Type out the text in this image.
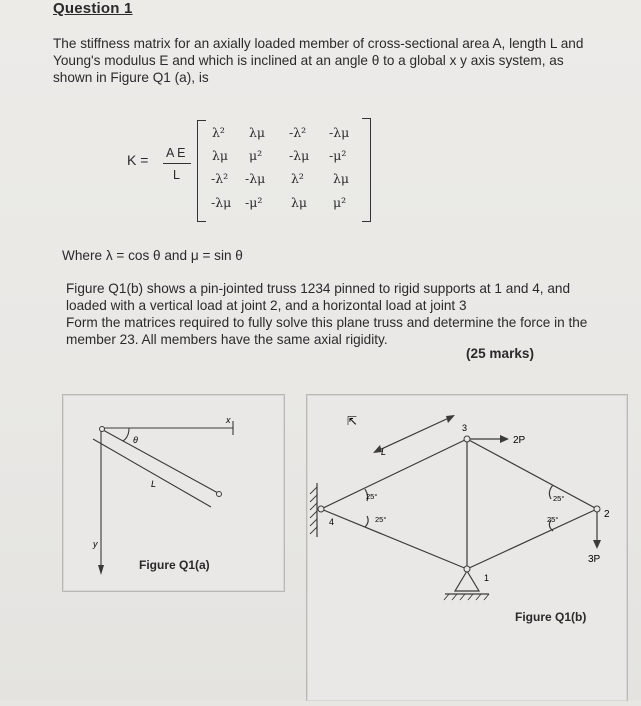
Question 1

The stiffness matrix for an axially loaded member of cross-sectional area A, length L and

Young's modulus E and which is inclined at an angle θ to a global x y axis system, as

shown in Figure Q1 (a), is

K = A E
L
λ² λμ -λ² -λμ
λμ μ² -λμ -μ²
-λ² -λμ λ² λμ
-λμ -μ² λμ μ²
Where λ = cos θ and μ = sin θ

Figure Q1(b) shows a pin-jointed truss 1234 pinned to rigid supports at 1 and 4, and

loaded with a vertical load at joint 2, and a horizontal load at joint 3

Form the matrices required to fully solve this plane truss and determine the force in the

member 23. All members have the same axial rigidity.

(25 marks)
x
y
θ
L
Figure Q1(a)
⇱
L
3
2P
2
3P
1
4
25°
25°
25°
25°
Figure Q1(b)
